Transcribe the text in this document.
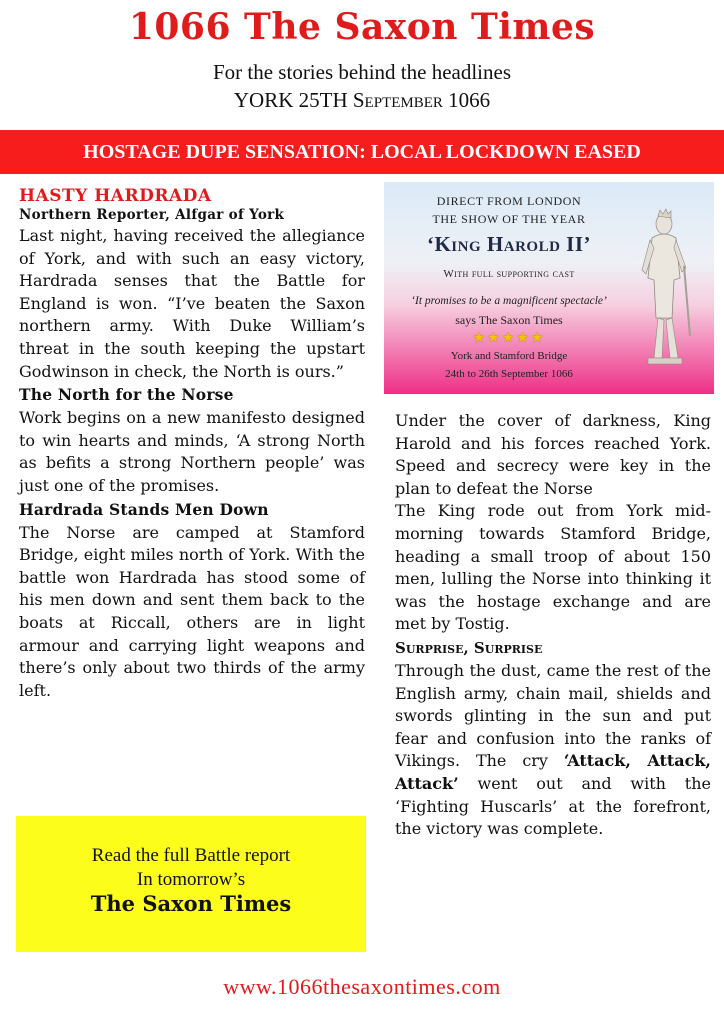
1066 The Saxon Times
For the stories behind the headlines
YORK 25TH September 1066
HOSTAGE DUPE SENSATION: LOCAL LOCKDOWN EASED
HASTY HARDRADA
Northern Reporter, Alfgar of York

Last night, having received the allegiance of York, and with such an easy victory, Hardrada senses that the Battle for England is won. “I’ve beaten the Saxon northern army. With Duke William’s threat in the south keeping the upstart Godwinson in check, the North is ours.”

The North for the Norse

Work begins on a new manifesto designed to win hearts and minds, ‘A strong North as befits a strong Northern people’ was just one of the promises.

Hardrada Stands Men Down

The Norse are camped at Stamford Bridge, eight miles north of York. With the battle won Hardrada has stood some of his men down and sent them back to the boats at Riccall, others are in light armour and carrying light weapons and there’s only about two thirds of the army left.

DIRECT FROM LONDON
THE SHOW OF THE YEAR
‘King Harold II’
With full supporting cast
‘It promises to be a magnificent spectacle’
says The Saxon Times
★★★★★
York and Stamford Bridge
24th to 26th September 1066

Under the cover of darkness, King Harold and his forces reached York. Speed and secrecy were key in the plan to defeat the Norse

The King rode out from York mid-morning towards Stamford Bridge, heading a small troop of about 150 men, lulling the Norse into thinking it was the hostage exchange and are met by Tostig.

Surprise, Surprise

Through the dust, came the rest of the English army, chain mail, shields and swords glinting in the sun and put fear and confusion into the ranks of Vikings. The cry ‘Attack, Attack, Attack’ went out and with the ‘Fighting Huscarls’ at the forefront, the victory was complete.

Read the full Battle report
In tomorrow’s
The Saxon Times
www.1066thesaxontimes.com
